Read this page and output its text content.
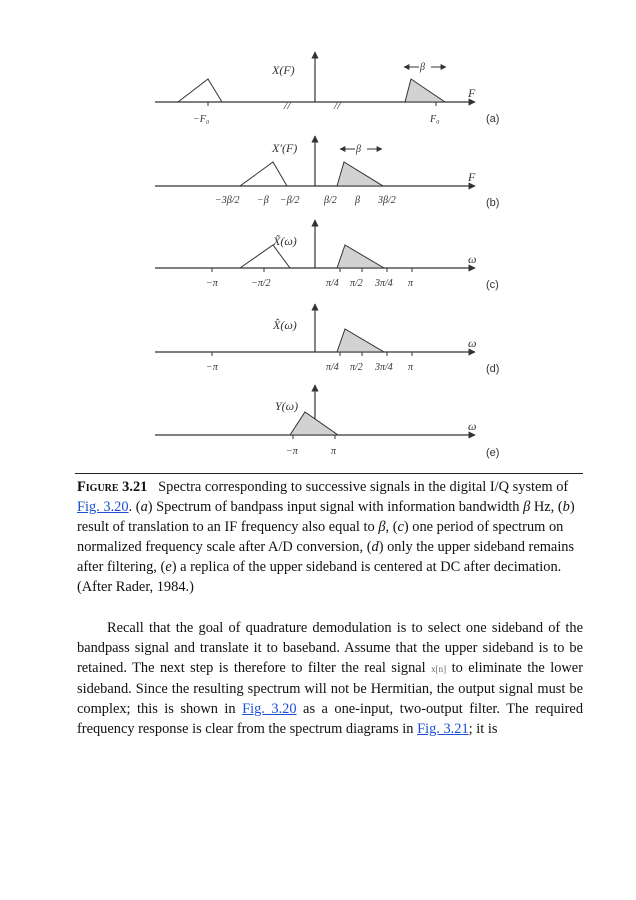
X(F)
F
//	//
−F₀	F₀
β
(a)
X′(F)
F
β
−3β/2 −β −β/2 β/2 β 3β/2	(b)
X̃(ω)
ω
−π	−π/2	π/4 π/2 3π/4 π	(c)
X̂(ω)
ω
−π	π/4 π/2 3π/4 π	(d)
Y(ω)
ω
−π	π	(e)
Figure 3.21 Spectra corresponding to successive signals in the digital I/Q system of Fig. 3.20. (a) Spectrum of bandpass input signal with information bandwidth β Hz, (b) result of translation to an IF frequency also equal to β, (c) one period of spectrum on normalized frequency scale after A/D conversion, (d) only the upper sideband remains after filtering, (e) a replica of the upper sideband is centered at DC after decimation. (After Rader, 1984.)
Recall that the goal of quadrature demodulation is to select one sideband of the bandpass signal and translate it to baseband. Assume that the upper sideband is to be retained. The next step is therefore to filter the real signal x[n] to eliminate the lower sideband. Since the resulting spectrum will not be Hermitian, the output signal must be complex; this is shown in Fig. 3.20 as a one-input, two-output filter. The required frequency response is clear from the spectrum diagrams in Fig. 3.21; it is
